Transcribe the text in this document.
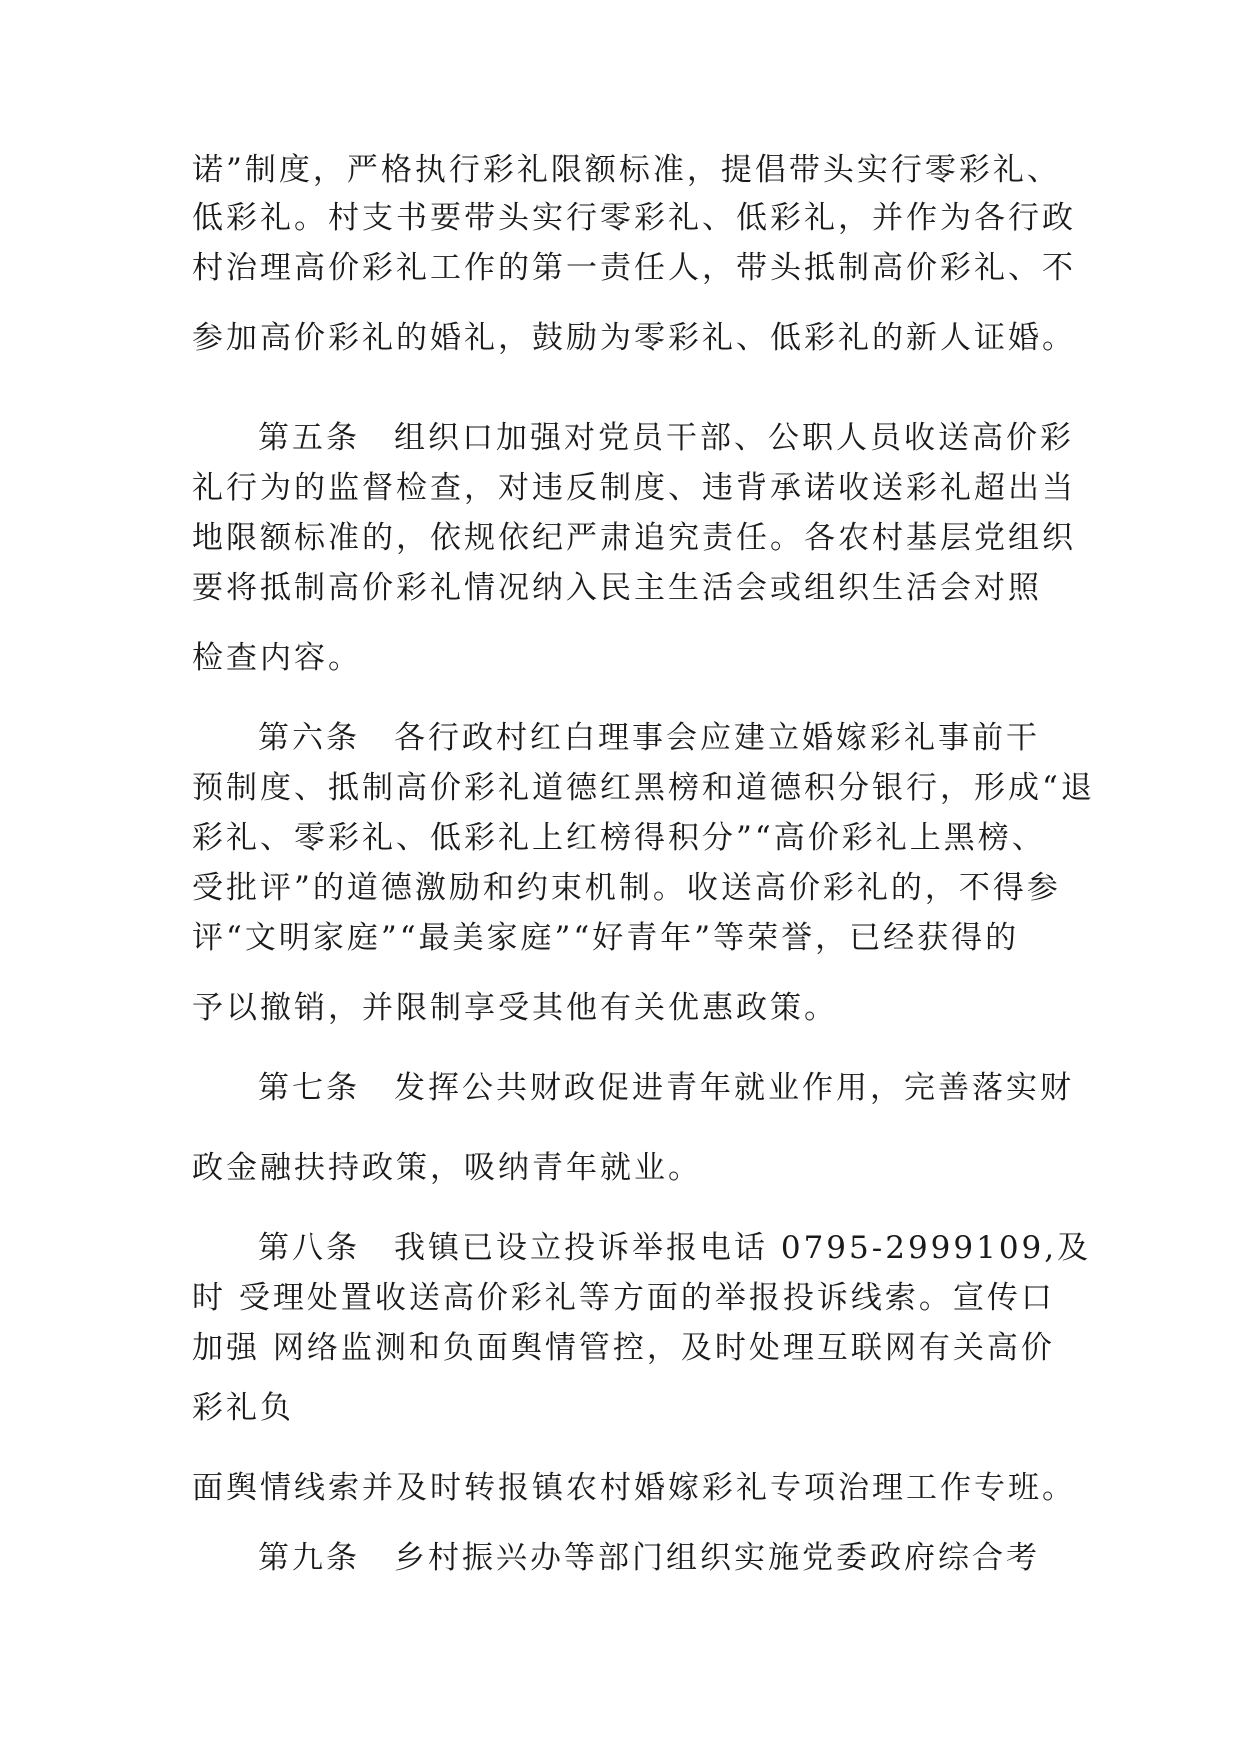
诺”制度，严格执行彩礼限额标准，提倡带头实行零彩礼、
低彩礼。村支书要带头实行零彩礼、低彩礼，并作为各行政
村治理高价彩礼工作的第一责任人，带头抵制高价彩礼、不
参加高价彩礼的婚礼，鼓励为零彩礼、低彩礼的新人证婚。
第五条　组织口加强对党员干部、公职人员收送高价彩
礼行为的监督检查，对违反制度、违背承诺收送彩礼超出当
地限额标准的，依规依纪严肃追究责任。各农村基层党组织
要将抵制高价彩礼情况纳入民主生活会或组织生活会对照
检查内容。
第六条　各行政村红白理事会应建立婚嫁彩礼事前干
预制度、抵制高价彩礼道德红黑榜和道德积分银行，形成“退
彩礼、零彩礼、低彩礼上红榜得积分”“高价彩礼上黑榜、
受批评”的道德激励和约束机制。收送高价彩礼的，不得参
评“文明家庭”“最美家庭”“好青年”等荣誉，已经获得的
予以撤销，并限制享受其他有关优惠政策。
第七条　发挥公共财政促进青年就业作用，完善落实财
政金融扶持政策，吸纳青年就业。
第八条　我镇已设立投诉举报电话 0795-2999109,及
时 受理处置收送高价彩礼等方面的举报投诉线索。宣传口
加强 网络监测和负面舆情管控，及时处理互联网有关高价
彩礼负
面舆情线索并及时转报镇农村婚嫁彩礼专项治理工作专班。
第九条　乡村振兴办等部门组织实施党委政府综合考
